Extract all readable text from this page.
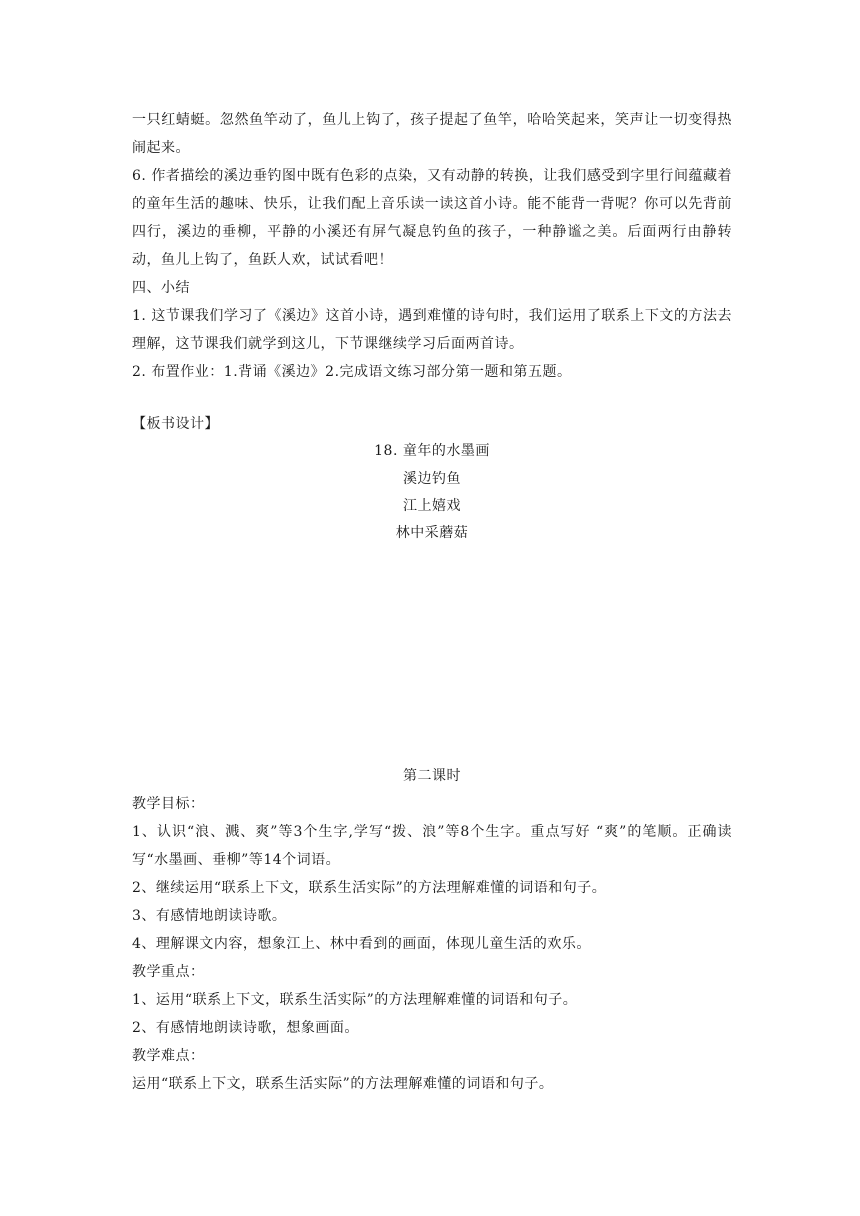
一只红蜻蜓。忽然鱼竿动了，鱼儿上钩了，孩子提起了鱼竿，哈哈笑起来，笑声让一切变得热闹起来。

6. 作者描绘的溪边垂钓图中既有色彩的点染，又有动静的转换，让我们感受到字里行间蕴藏着的童年生活的趣味、快乐，让我们配上音乐读一读这首小诗。能不能背一背呢？你可以先背前四行，溪边的垂柳，平静的小溪还有屏气凝息钓鱼的孩子，一种静谧之美。后面两行由静转动，鱼儿上钩了，鱼跃人欢，试试看吧！

四、小结

1. 这节课我们学习了《溪边》这首小诗，遇到难懂的诗句时，我们运用了联系上下文的方法去理解，这节课我们就学到这儿，下节课继续学习后面两首诗。

2. 布置作业：1.背诵《溪边》2.完成语文练习部分第一题和第五题。

【板书设计】

18. 童年的水墨画

溪边钓鱼

江上嬉戏

林中采蘑菇

第二课时

教学目标：

1、认识“浪、溅、爽”等3个生字,学写“拨、浪”等8个生字。重点写好 “爽”的笔顺。正确读写“水墨画、垂柳”等14个词语。

2、继续运用“联系上下文，联系生活实际”的方法理解难懂的词语和句子。

3、有感情地朗读诗歌。

4、理解课文内容，想象江上、林中看到的画面，体现儿童生活的欢乐。

教学重点：

1、运用“联系上下文，联系生活实际”的方法理解难懂的词语和句子。

2、有感情地朗读诗歌，想象画面。

教学难点：

运用“联系上下文，联系生活实际”的方法理解难懂的词语和句子。
